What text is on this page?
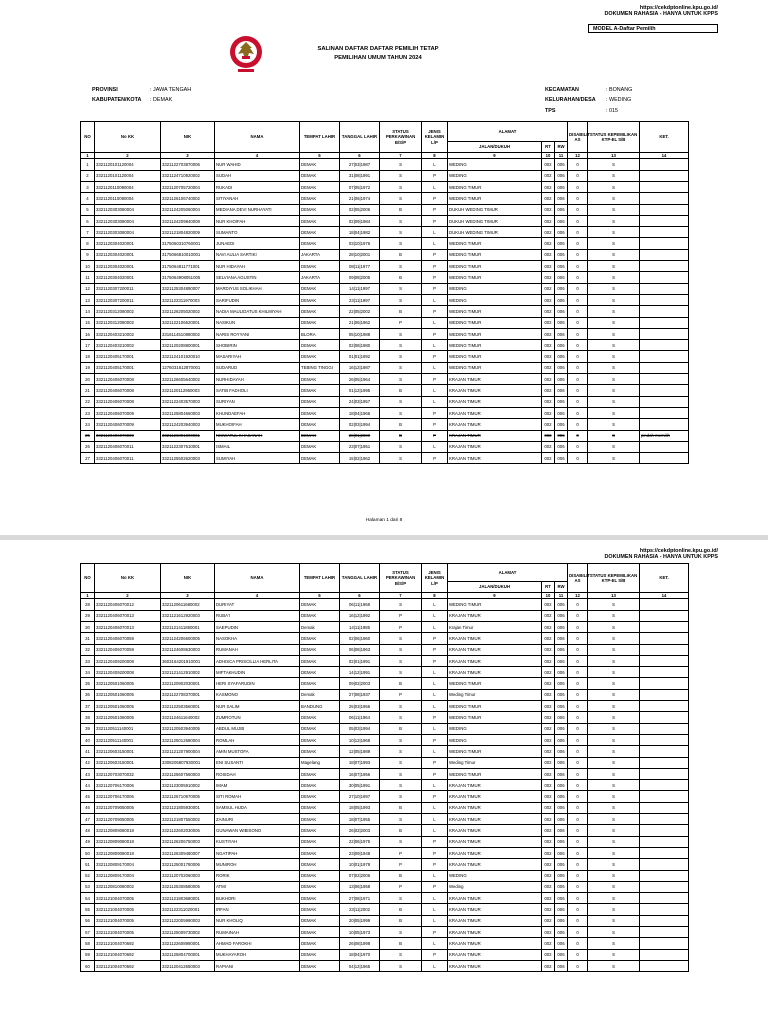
https://cekdptonline.kpu.go.id/
DOKUMEN RAHASIA - HANYA UNTUK KPPS
MODEL A-Daftar Pemilih
SALINAN DAFTAR DAFTAR PEMILIH TETAP
PEMILIHAN UMUM TAHUN 2024
PROVINSI	: JAWA TENGAH
KABUPATEN/KOTA : DEMAK
KECAMATAN	: BONANG
KELURAHAN/DESA : WEDING
TPS	: 015
NO	No KK	NIK	NAMA	TEMPAT LAHIR	TANGGAL LAHIR	STATUS PERKAWINAN B/S/P	JENIS KELAMIN L/P	ALAMAT			DISABILIT AS	STATUS KEPEMILIKAN KTP-EL S/B	KET.
								JALAN/DUKUH	RT	RW			
1	2	3	4	5	6	7	8	9	10	11	12	13	14
1	3321120101120004	3321122703870006	NUR WAHID	DEMAK	27|03|1987	S	L	WEDING	002	006	0	S	
2	3321120101120004	3321124710920002	SUDAH	DEMAK	31|08|1991	S	P	WEDING	002	006	0	S	
3	3321120110090004	3321120705720004	RUKADI	DEMAK	07|05|1972	S	L	WEDING TIMUR	002	006	0	S	
4	3321120110090004	3321126106740002	SITIYANAH	DEMAK	21|06|1974	S	P	WEDING TIMUR	002	006	0	S	
5	3321120303080004	3321124205060004	MEDIANA DEVI NURHAYATI	DEMAK	02|05|2006	B	P	DUKUH WEDING TIMUR	002	006	0	S	
6	3321120303080004	3321124209840008	NUR KHOIFAH	DEMAK	02|09|1984	S	P	DUKUH WEDING TIMUR	002	006	0	S	
7	3321120303080004	3321121804820009	SUMANTO	DEMAK	18|04|1982	S	L	DUKUH WEDING TIMUR	002	006	0	S	
8	3321120304020001	3175060310760001	JUNAEDI	DEMAK	03|10|1976	S	L	WEDING TIMUR	002	006	0	S	
9	3321120304020001	3175066810010001	NAVI AULIA SARTIKI	JAKARTA	28|10|2001	B	P	WEDING TIMUR	002	006	0	S	
10	3321120304020001	3175064811771001	NUR HIDAYAH	DEMAK	08|11|1977	S	P	WEDING TIMUR	002	006	0	S	
11	3321120304020001	3175064908051005	SELVIANA AGUSTIN	JAKARTA	09|08|2005	B	P	WEDING TIMUR	002	006	0	S	
12	3321120307200011	3321125304890007	MARDIYUS SOLIKHAH	DEMAK	14|11|1997	S	P	WEDING	002	006	0	S	
13	3321120307200011	3321122311970003	SARIFUDIN	DEMAK	23|11|1997	S	L	WEDING	002	006	0	S	
14	3321120312080002	3321126205020002	NADIA MAULIDATUS KHILMIYAH	DEMAK	22|05|2002	B	P	WEDING TIMUR	002	006	0	S	
15	3321120312080002	3321122106620001	NASIKUN	DEMAK	21|06|1962	P	L	WEDING TIMUR	002	006	0	S	
16	3321120403210002	3316114510880002	NARIS ROYYANI	BLORA	05|10|1988	S	P	WEDING TIMUR	002	006	0	S	
17	3321120403210002	3321120208800001	SHOBIRIN	DEMAK	02|08|1980	S	L	WEDING TIMUR	002	006	0	S	
18	3321120405170001	3321124101920010	MASARIYAH	DEMAK	01|01|1992	S	P	WEDING TIMUR	002	006	0	S	
19	3321120405170001	1276031612870001	SUDARUD	TEBING TINGGI	16|12|1987	S	L	WEDING TIMUR	002	006	0	S	
20	3321120406070008	3321126605640002	NURHIDAYAH	DEMAK	26|05|1964	S	P	KRAJAN TIMUR	002	006	0	S	
21	3321120406070008	3321120112950003	SATIB FADHOLI	DEMAK	01|12|1995	B	L	KRAJAN TIMUR	002	006	0	S	
22	3321120406070008	3321122403570003	SURIYAN	DEMAK	24|03|1957	S	L	KRAJAN TIMUR	002	006	0	S	
23	3321120406070009	3321125804660003	KHUNDAEFAH	DEMAK	18|04|1966	S	P	KRAJAN TIMUR	002	006	0	S	
24	3321120406070009	3321124203940003	MUKHOIFAH	DEMAK	02|03|1994	B	P	KRAJAN TIMUR	002	006	0	S	
25	3321120406070009	3321126801000001	NISWATUL KHASANAH	DEMAK	28|01|2000	B	P	KRAJAN TIMUR	002	006	0	S	pindah memilih
26	3321120406070011	3321122307510001	ISMAIL	DEMAK	23|07|1951	S	L	KRAJAN TIMUR	002	006	0	S	
27	3321120406070011	3321125502620003	SUMIYAH	DEMAK	15|02|1962	S	P	KRAJAN TIMUR	002	006	0	S	
Halaman 1 dari 8
https://cekdptonline.kpu.go.id/
DOKUMEN RAHASIA - HANYA UNTUK KPPS
NO	No KK	NIK	NAMA	TEMPAT LAHIR	TANGGAL LAHIR	STATUS PERKAWINAN B/S/P	JENIS KELAMIN L/P	ALAMAT			DISABILIT AS	STATUS KEPEMILIKAN KTP-EL S/B	KET.
								JALAN/DUKUH	RT	RW			
1	2	3	4	5	6	7	8	9	10	11	12	13	14
28	3321120406070012	3321120611680002	DURIYAT	DEMAK	06|11|1968	S	L	WEDING TIMUR	002	006	0	S	
29	3321120406070013	3321121612920003	RUBA'I	DEMAK	16|12|1992	P	L	KRAJAN TIMUR	002	006	0	S	
30	3321120406070013	3321121411850001	SAEPUDIN	Demak	14|11|1985	P	L	Krajan Timur	002	006	0	S	
31	3321120406070059	3321124206600005	NASOKHA	DEMAK	02|06|1960	S	P	KRAJAN TIMUR	002	006	0	S	
32	3321120406070059	3321124608630003	RUMANAH	DEMAK	06|08|1963	S	P	KRAJAN TIMUR	002	006	0	S	
33	3321120409200008	3603164201910001	ADHISCA PRISCILLIA HERLITA	DEMAK	02|01|1991	S	P	KRAJAN TIMUR	002	006	0	S	
34	3321120409200008	3321121412910002	MIFTAKHUDIN	DEMAK	14|12|1991	S	L	KRAJAN TIMUR	002	006	0	S	
35	3321120501060005	3321120902030001	HERI SYAFARUDIN	DEMAK	09|02|2003	B	L	WEDING TIMUR	002	006	0	S	
36	3321120501060005	3321122708370001	KASMONO	Demak	27|08|1937	P	L	Weding Timur	002	006	0	S	
37	3321120501060005	3321122503560001	NUR SALIM	BANDUNG	25|03|1956	S	L	WEDING TIMUR	002	006	0	S	
38	3321120501060005	3321124611640002	ZUMROTUN	DEMAK	06|11|1964	S	P	WEDING TIMUR	002	006	0	S	
39	3321120511140001	3321120503940005	ABDUL MUJIB	DEMAK	05|03|1994	B	L	WEDING	002	006	0	S	
40	3321120511140001	3321125012680004	ROMLAH	DEMAK	10|12|1968	S	P	WEDING	002	006	0	S	
41	3321120603150001	3321121207900004	AMIN MUSTOFA	DEMAK	12|05|1989	S	L	WEDING TIMUR	002	006	0	S	
42	3321120603150001	3308205807930001	ENI SUSANTI	Magelang	18|07|1993	S	P	Weding Timur	002	006	0	S	
43	3321120703070032	3321125607560003	ROSIDAH	DEMAK	16|07|1956	S	P	WEDING TIMUR	002	006	0	S	
44	3321120706170006	3321123005910002	IMAM	DEMAK	30|05|1991	S	L	KRAJAN TIMUR	002	006	0	S	
45	3321120706170006	3321126710970005	SITI ROMAH	DEMAK	27|10|1997	S	P	KRAJAN TIMUR	002	006	0	S	
46	3321120709050005	3321121805930001	SAMSUL HUDA	DEMAK	18|05|1993	B	L	KRAJAN TIMUR	002	006	0	S	
47	3321120709050005	3321121807550002	ZAINURI	DEMAK	18|07|1955	S	L	KRAJAN TIMUR	002	006	0	S	
48	3321120809080018	3321122602030006	GUNAWAN WIBISONO	DEMAK	26|02|2003	B	L	KRAJAN TIMUR	002	006	0	S	
49	3321120809080018	3321126206750003	KUSTIYAH	DEMAK	22|06|1975	S	P	KRAJAN TIMUR	002	006	0	S	
50	3321120809080018	3321126309480007	NGATIPAH	DEMAK	23|09|1948	P	P	KRAJAN TIMUR	002	006	0	S	
51	3321120809170004	3321125001780006	MUNIROH	DEMAK	10|01|1978	P	P	KRAJAN TIMUR	002	006	0	S	
52	3321120809170004	3321120702060003	RORIK	DEMAK	07|02|2006	B	L	WEDING	002	006	0	S	
53	3321120810080002	3321125308580005	ATMI	DEMAK	13|06|1958	P	P	Weding	002	006	0	S	
54	3321121004070005	3321121803680001	BUKHORI	DEMAK	27|08|1971	S	L	KRAJAN TIMUR	002	006	0	S	
55	3321121004070005	3321122311020001	IRFAN	DEMAK	23|11|2002	B	L	KRAJAN TIMUR	002	006	0	S	
56	3321121004070005	3321122005990003	NUR KHOLIQ	DEMAK	20|05|1999	B	L	KRAJAN TIMUR	002	006	0	S	
57	3321121004070005	3321125009730002	RUMAINAH	DEMAK	10|05|1973	S	P	KRAJAN TIMUR	002	006	0	S	
58	3321121004070692	3321122608980001	AHMAD FAROKHI	DEMAK	26|08|1998	B	L	KRAJAN TIMUR	002	006	0	S	
59	3321121004070692	3321125804700001	MUKHAYAROH	DEMAK	18|04|1970	S	P	KRAJAN TIMUR	002	006	0	S	
60	3321121004070692	3321120412650003	RAPIANI	DEMAK	04|12|1965	S	L	KRAJAN TIMUR	002	006	0	S	
